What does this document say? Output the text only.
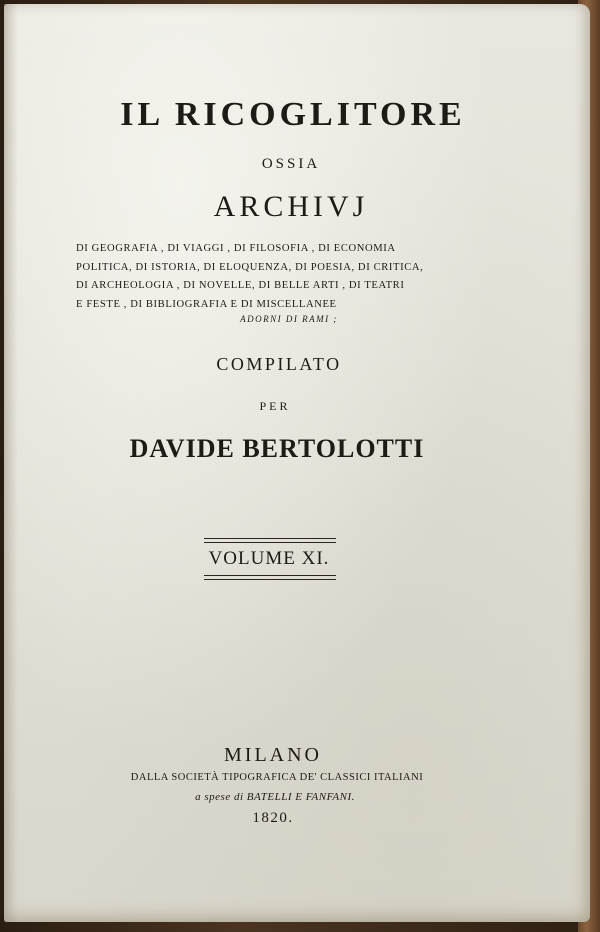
IL RICOGLITORE
OSSIA
ARCHIVJ
DI GEOGRAFIA , DI VIAGGI , DI FILOSOFIA , DI ECONOMIA
POLITICA, DI ISTORIA, DI ELOQUENZA, DI POESIA, DI CRITICA,
DI ARCHEOLOGIA , DI NOVELLE, DI BELLE ARTI , DI TEATRI
E FESTE , DI BIBLIOGRAFIA E DI MISCELLANEE
ADORNI DI RAMI ;
COMPILATO
PER
DAVIDE BERTOLOTTI
VOLUME XI.
MILANO
DALLA SOCIETÀ TIPOGRAFICA DE' CLASSICI ITALIANI
a spese di BATELLI E FANFANI.
1820.
